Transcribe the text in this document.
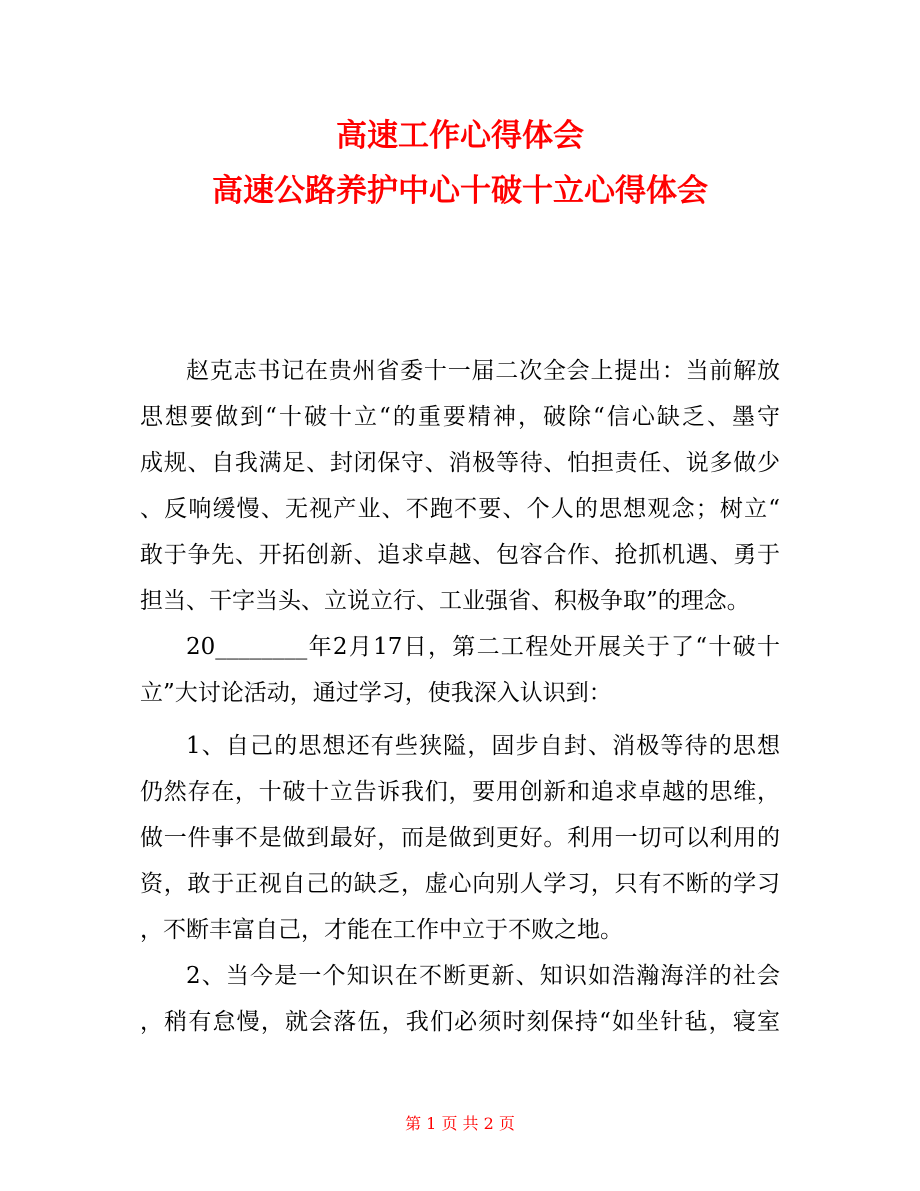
高速工作心得体会
高速公路养护中心十破十立心得体会
赵克志书记在贵州省委十一届二次全会上提出：当前解放
思想要做到“十破十立“的重要精神，破除“信心缺乏、墨守
成规、自我满足、封闭保守、消极等待、怕担责任、说多做少
、反响缓慢、无视产业、不跑不要、个人的思想观念；树立“
敢于争先、开拓创新、追求卓越、包容合作、抢抓机遇、勇于
担当、干字当头、立说立行、工业强省、积极争取”的理念。
20________年2月17日，第二工程处开展关于了“十破十
立”大讨论活动，通过学习，使我深入认识到：
1、自己的思想还有些狭隘，固步自封、消极等待的思想
仍然存在，十破十立告诉我们，要用创新和追求卓越的思维，
做一件事不是做到最好，而是做到更好。利用一切可以利用的
资，敢于正视自己的缺乏，虚心向别人学习，只有不断的学习
，不断丰富自己，才能在工作中立于不败之地。
2、当今是一个知识在不断更新、知识如浩瀚海洋的社会
，稍有怠慢，就会落伍，我们必须时刻保持“如坐针毡，寝室
第 1 页 共 2 页
